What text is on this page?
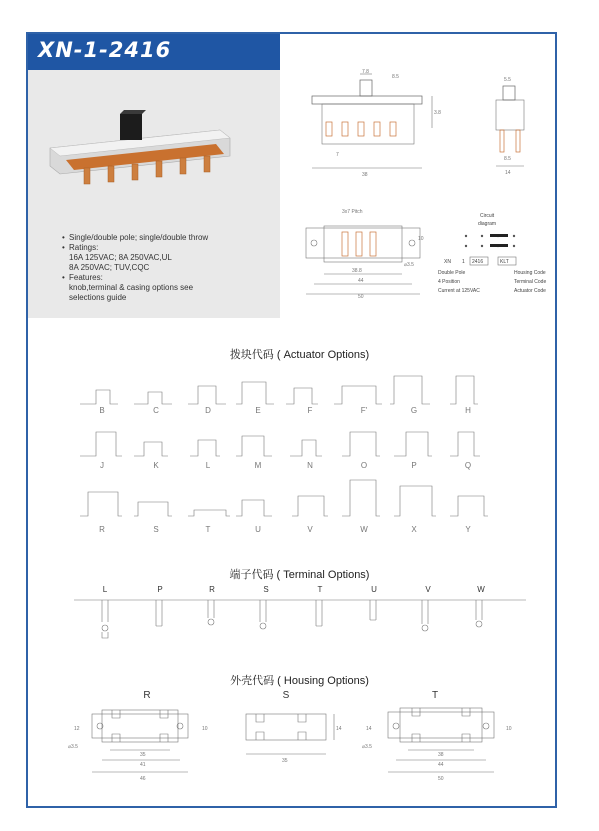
XN-1-2416
• Single/double pole; single/double throw
• Ratings:
16A 125VAC; 8A 250VAC,UL
8A 250VAC; TUV,CQC
• Features:
knob,terminal & casing options see
selections guide
7.8
8.5
3.8
7
38
5.5
8.5
14
3x7 Pitch
38.8
44
50
10
⌀3.5
Circuit
diagram
XN 1 2416	KLT
Double Pole
4 Position
Current at 125VAC
Housing Code
Terminal Code
Actuator Code
拨块代码 ( Actuator Options)
B	C	D	E	F	F'	G	H
J	K	L	M	N	O	P	Q
R	S	T	U	V	W	X	Y
端子代码 ( Terminal Options)
L	P	R	S	T	U	V	W
外壳代码 ( Housing Options)
R	S	T
12
⌀3.5
35
41
46
10	14
35
14
⌀3.5
38
44
50
10
